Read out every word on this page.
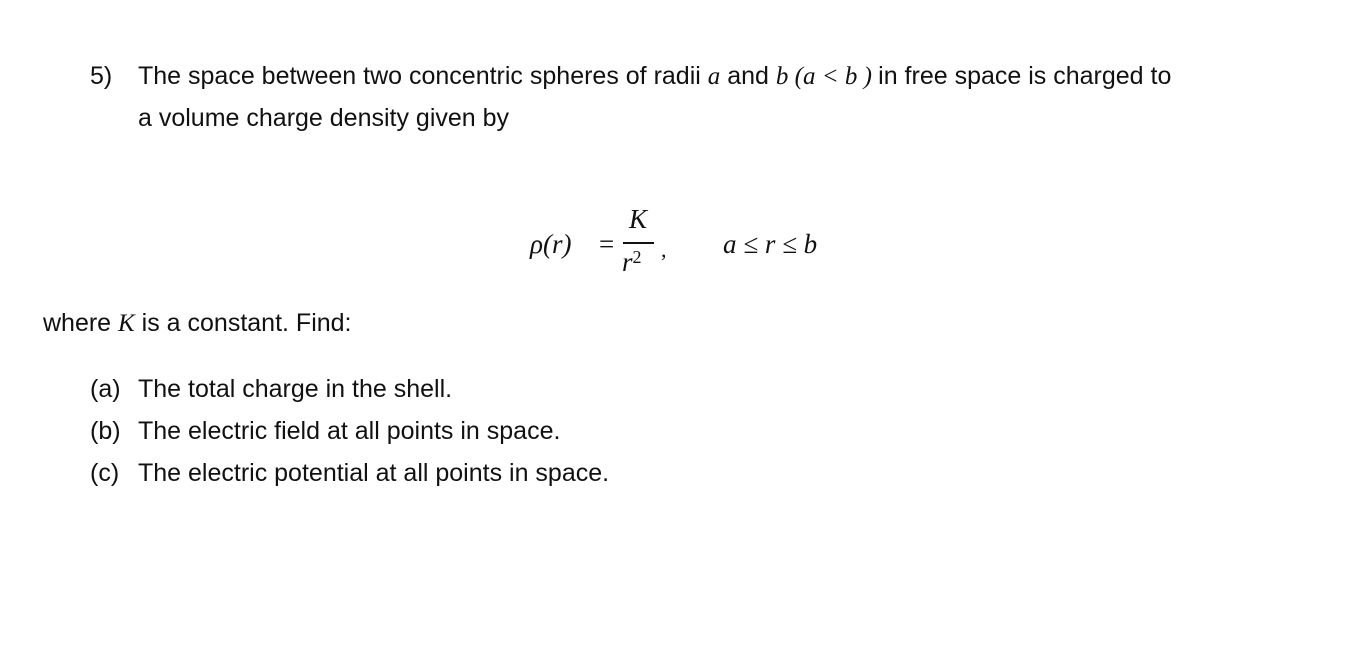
5) The space between two concentric spheres of radii a and b (a < b ) in free space is charged to
a volume charge density given by
ρ(r) =
K
$r^2$ , a ≤ r ≤ b
where K is a constant. Find:
(a) The total charge in the shell.
(b) The electric field at all points in space.
(c) The electric potential at all points in space.
